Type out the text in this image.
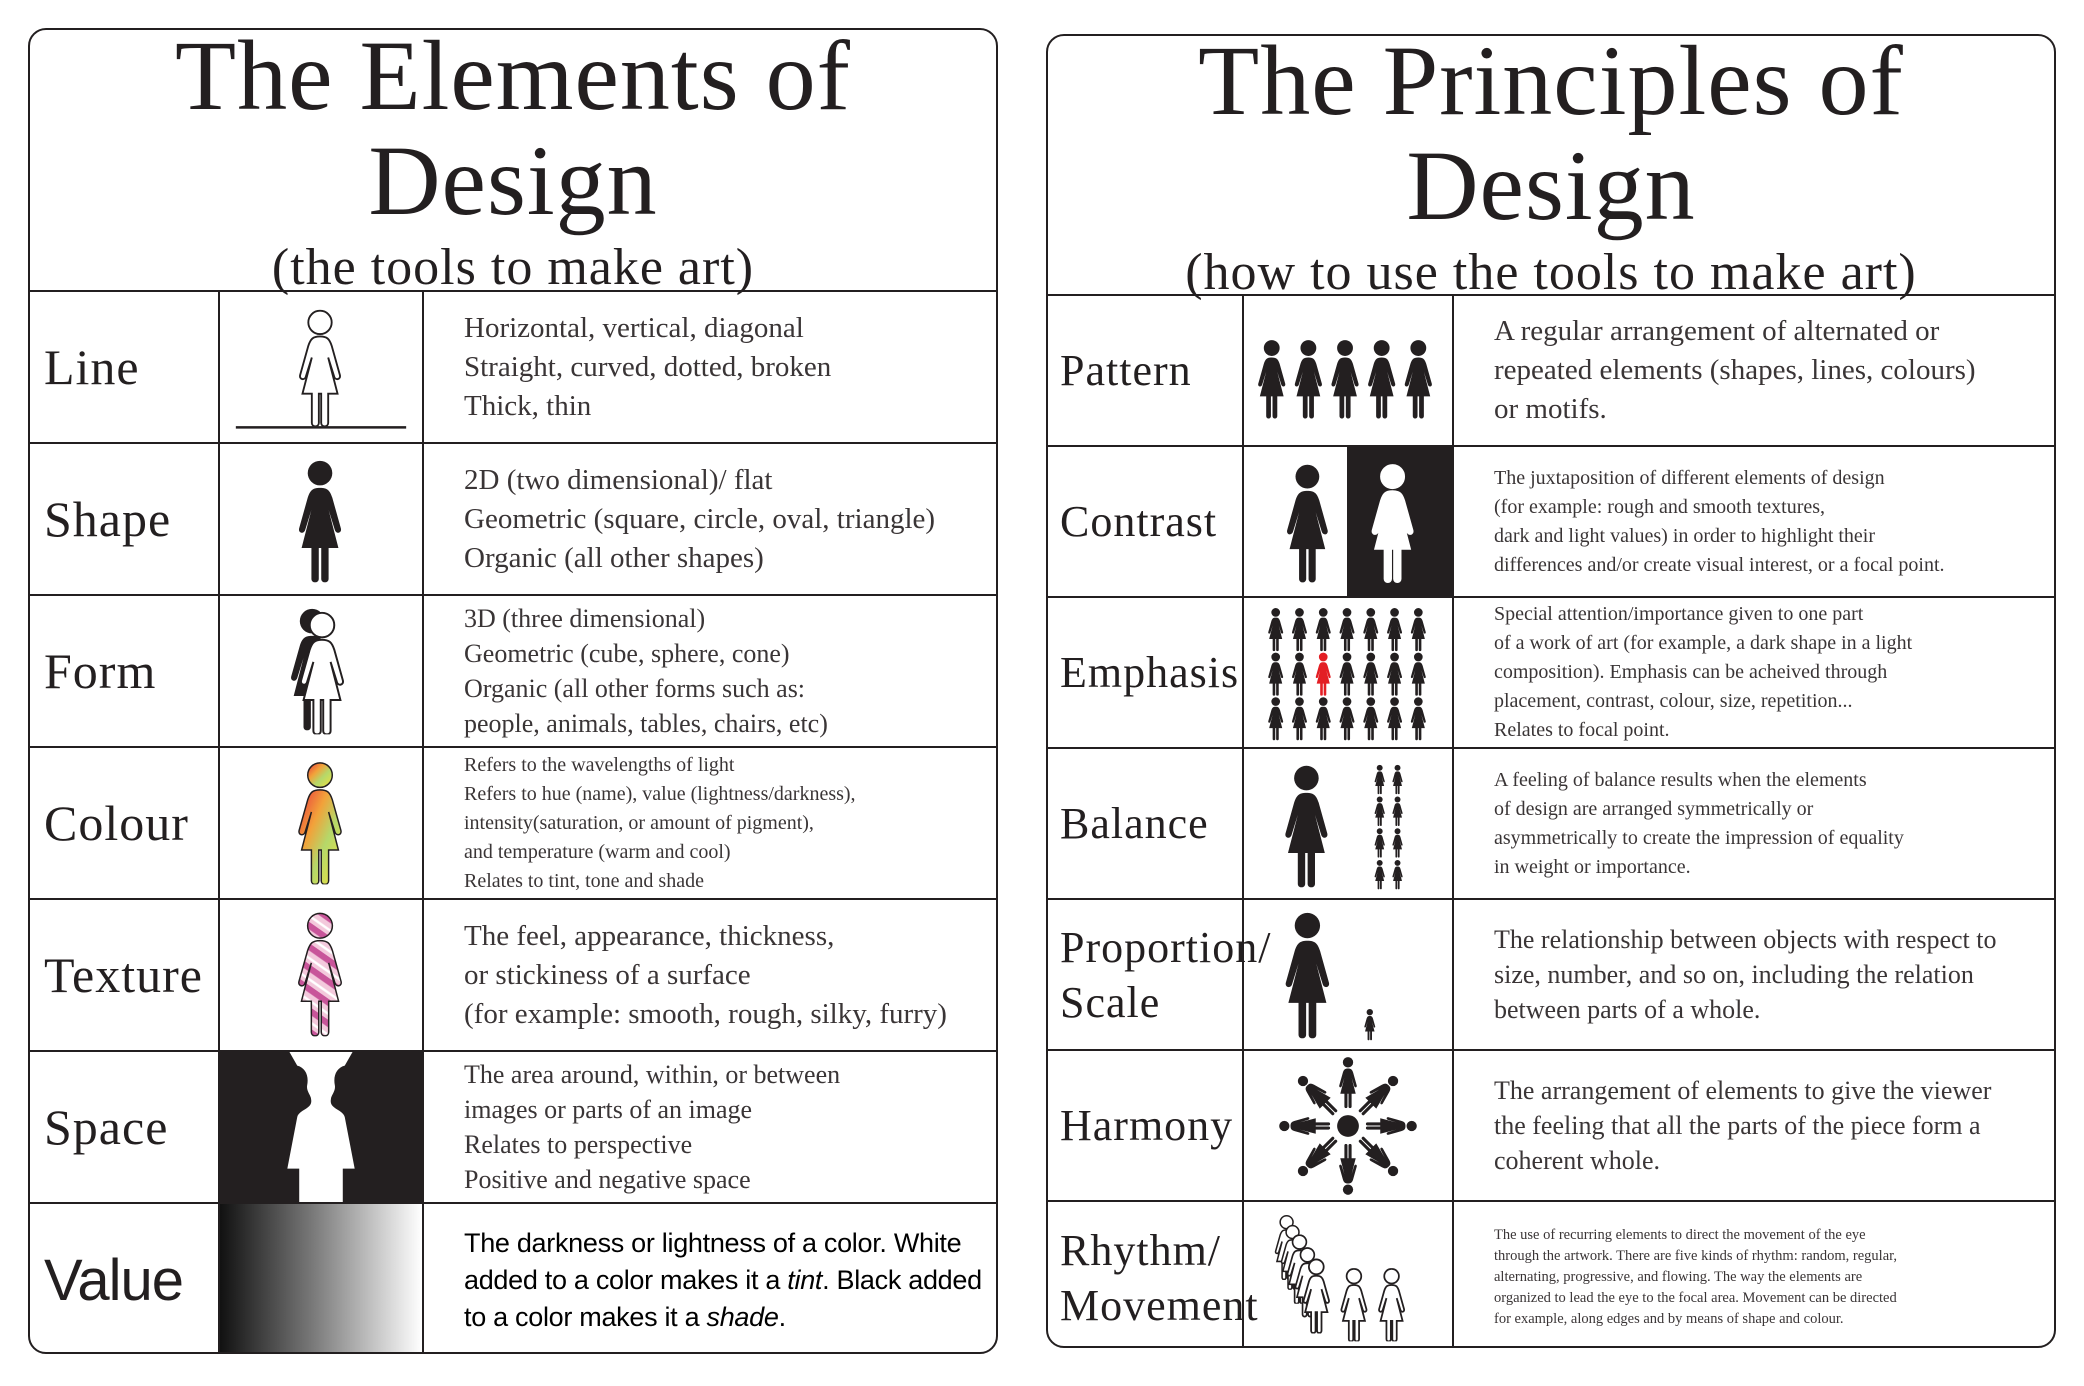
The Elements of Design
(the tools to make art)
Line
Horizontal, vertical, diagonal
Straight, curved, dotted, broken
Thick, thin
Shape
2D (two dimensional)/ flat
Geometric (square, circle, oval, triangle)
Organic (all other shapes)
Form
3D (three dimensional)
Geometric (cube, sphere, cone)
Organic (all other forms such as:
people, animals, tables, chairs, etc)
Colour
Refers to the wavelengths of light
Refers to hue (name), value (lightness/darkness),
intensity(saturation, or amount of pigment),
and temperature (warm and cool)
Relates to tint, tone and shade
Texture
The feel, appearance, thickness,
or stickiness of a surface
(for example: smooth, rough, silky, furry)
Space
The area around, within, or between
images or parts of an image
Relates to perspective
Positive and negative space
Value
The darkness or lightness of a color. White
added to a color makes it a tint. Black added
to a color makes it a shade.
The Principles of Design
(how to use the tools to make art)
Pattern
A regular arrangement of alternated or
repeated elements (shapes, lines, colours)
or motifs.
Contrast
The juxtaposition of different elements of design
(for example: rough and smooth textures,
dark and light values) in order to highlight their
differences and/or create visual interest, or a focal point.
Emphasis
Special attention/importance given to one part
of a work of art (for example, a dark shape in a light
composition). Emphasis can be acheived through
placement, contrast, colour, size, repetition...
Relates to focal point.
Balance
A feeling of balance results when the elements
of design are arranged symmetrically or
asymmetrically to create the impression of equality
in weight or importance.
Proportion/
Scale
The relationship between objects with respect to
size, number, and so on, including the relation
between parts of a whole.
Harmony
The arrangement of elements to give the viewer
the feeling that all the parts of the piece form a
coherent whole.
Rhythm/
Movement
The use of recurring elements to direct the movement of the eye
through the artwork. There are five kinds of rhythm: random, regular,
alternating, progressive, and flowing. The way the elements are
organized to lead the eye to the focal area. Movement can be directed
for example, along edges and by means of shape and colour.
